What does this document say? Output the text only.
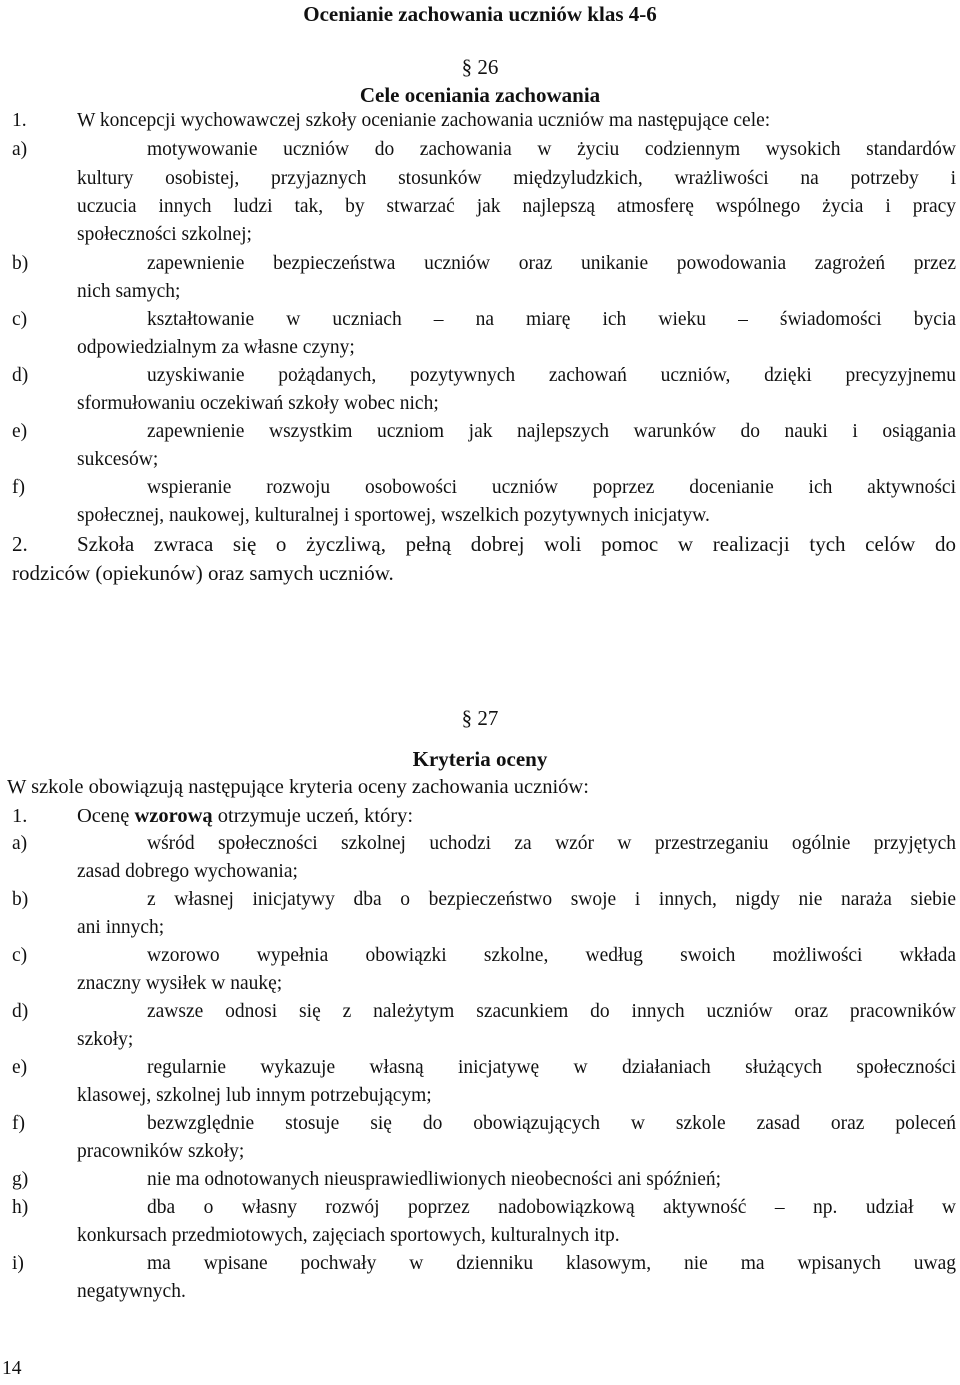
Ocenianie zachowania uczniów klas 4-6
§ 26
Cele oceniania zachowania
1.	W koncepcji wychowawczej szkoły ocenianie zachowania uczniów ma następujące cele:
a)	motywowanie uczniów do zachowania w życiu codziennym wysokich standardów
kultury osobistej, przyjaznych stosunków międzyludzkich, wrażliwości na potrzeby i
uczucia innych ludzi tak, by stwarzać jak najlepszą atmosferę wspólnego życia i pracy
społeczności szkolnej;
b)	zapewnienie bezpieczeństwa uczniów oraz unikanie powodowania zagrożeń przez
nich samych;
c)	kształtowanie w uczniach – na miarę ich wieku – świadomości bycia
odpowiedzialnym za własne czyny;
d)	uzyskiwanie pożądanych, pozytywnych zachowań uczniów, dzięki precyzyjnemu
sformułowaniu oczekiwań szkoły wobec nich;
e)	zapewnienie wszystkim uczniom jak najlepszych warunków do nauki i osiągania
sukcesów;
f)	wspieranie rozwoju osobowości uczniów poprzez docenianie ich aktywności
społecznej, naukowej, kulturalnej i sportowej, wszelkich pozytywnych inicjatyw.
2. Szkoła zwraca się o życzliwą, pełną dobrej woli pomoc w realizacji tych celów do
rodziców (opiekunów) oraz samych uczniów.
§ 27
Kryteria oceny
W szkole obowiązują następujące kryteria oceny zachowania uczniów:
1. Ocenę wzorową otrzymuje uczeń, który:
a)	wśród społeczności szkolnej uchodzi za wzór w przestrzeganiu ogólnie przyjętych
zasad dobrego wychowania;
b)	z własnej inicjatywy dba o bezpieczeństwo swoje i innych, nigdy nie naraża siebie
ani innych;
c)	wzorowo wypełnia obowiązki szkolne, według swoich możliwości wkłada
znaczny wysiłek w naukę;
d)	zawsze odnosi się z należytym szacunkiem do innych uczniów oraz pracowników
szkoły;
e)	regularnie wykazuje własną inicjatywę w działaniach służących społeczności
klasowej, szkolnej lub innym potrzebującym;
f)	bezwzględnie stosuje się do obowiązujących w szkole zasad oraz poleceń
pracowników szkoły;
g)	nie ma odnotowanych nieusprawiedliwionych nieobecności ani spóźnień;
h)	dba o własny rozwój poprzez nadobowiązkową aktywność – np. udział w
konkursach przedmiotowych, zajęciach sportowych, kulturalnych itp.
i)	ma wpisane pochwały w dzienniku klasowym, nie ma wpisanych uwag
negatywnych.
14
